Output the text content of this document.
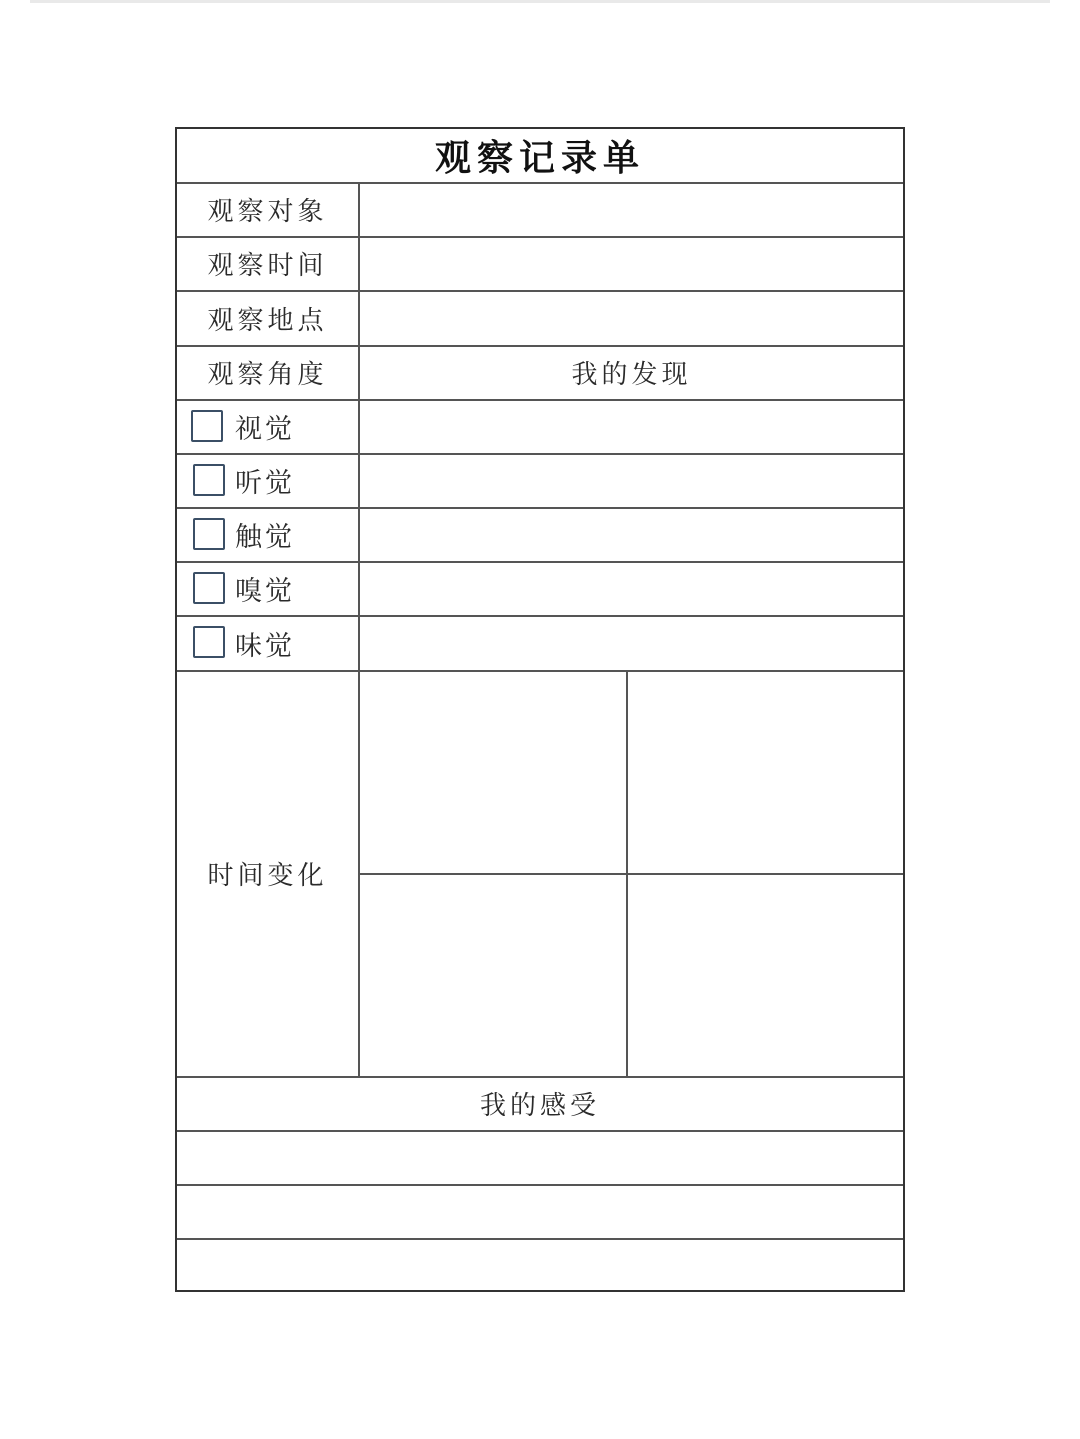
观察记录单
观察对象
观察时间
观察地点
观察角度	我的发现
视觉
听觉
触觉
嗅觉
味觉
时间变化
我的感受
